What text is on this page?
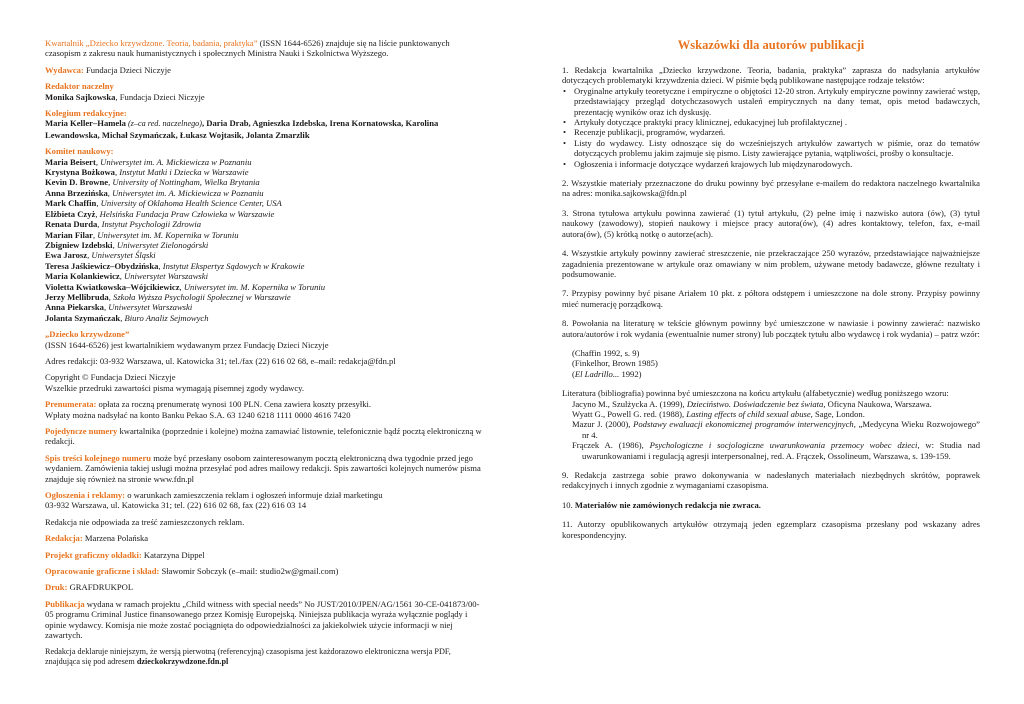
Kwartalnik „Dziecko krzywdzone. Teoria, badania, praktyka” (ISSN 1644-6526) znajduje się na liście punktowanych czasopism z zakresu nauk humanistycznych i społecznych Ministra Nauki i Szkolnictwa Wyższego.

Wydawca: Fundacja Dzieci Niczyje

Redaktor naczelny
Monika Sajkowska, Fundacja Dzieci Niczyje

Kolegium redakcyjne:
Maria Keller–Hamela (z–ca red. naczelnego), Daria Drab, Agnieszka Izdebska, Irena Kornatowska, Karolina Lewandowska, Michał Szymańczak, Łukasz Wojtasik, Jolanta Zmarzlik

Komitet naukowy:
Maria Beisert, Uniwersytet im. A. Mickiewicza w Poznaniu
Krystyna Bożkowa, Instytut Matki i Dziecka w Warszawie
Kevin D. Browne, University of Nottingham, Wielka Brytania
Anna Brzezińska, Uniwersytet im. A. Mickiewicza w Poznaniu
Mark Chaffin, University of Oklahoma Health Science Center, USA
Elżbieta Czyż, Helsińska Fundacja Praw Człowieka w Warszawie
Renata Durda, Instytut Psychologii Zdrowia
Marian Filar, Uniwersytet im. M. Kopernika w Toruniu
Zbigniew Izdebski, Uniwersytet Zielonogórski
Ewa Jarosz, Uniwersytet Śląski
Teresa Jaśkiewicz–Obydzińska, Instytut Ekspertyz Sądowych w Krakowie
Maria Kolankiewicz, Uniwersytet Warszawski
Violetta Kwiatkowska–Wójcikiewicz, Uniwersytet im. M. Kopernika w Toruniu
Jerzy Mellibruda, Szkoła Wyższa Psychologii Społecznej w Warszawie
Anna Piekarska, Uniwersytet Warszawski
Jolanta Szymańczak, Biuro Analiz Sejmowych

„Dziecko krzywdzone”
(ISSN 1644-6526) jest kwartalnikiem wydawanym przez Fundację Dzieci Niczyje

Adres redakcji: 03-932 Warszawa, ul. Katowicka 31; tel./fax (22) 616 02 68, e–mail: redakcja@fdn.pl

Copyright © Fundacja Dzieci Niczyje
Wszelkie przedruki zawartości pisma wymagają pisemnej zgody wydawcy.

Prenumerata: opłata za roczną prenumeratę wynosi 100 PLN. Cena zawiera koszty przesyłki.
Wpłaty można nadsyłać na konto Banku Pekao S.A. 63 1240 6218 1111 0000 4616 7420

Pojedyncze numery kwartalnika (poprzednie i kolejne) można zamawiać listownie, telefonicznie bądź pocztą elektroniczną w redakcji.

Spis treści kolejnego numeru może być przesłany osobom zainteresowanym pocztą elektroniczną dwa tygodnie przed jego wydaniem. Zamówienia takiej usługi można przesyłać pod adres mailowy redakcji. Spis zawartości kolejnych numerów pisma znajduje się również na stronie www.fdn.pl

Ogłoszenia i reklamy: o warunkach zamieszczenia reklam i ogłoszeń informuje dział marketingu
03-932 Warszawa, ul. Katowicka 31; tel. (22) 616 02 68, fax (22) 616 03 14

Redakcja nie odpowiada za treść zamieszczonych reklam.

Redakcja: Marzena Polańska

Projekt graficzny okładki: Katarzyna Dippel

Opracowanie graficzne i skład: Sławomir Sobczyk (e–mail: studio2w@gmail.com)

Druk: GRAFDRUKPOL

Publikacja wydana w ramach projektu „Child witness with special needs” No JUST/2010/JPEN/AG/1561 30-CE-041873/00-05 programu Criminal Justice finansowanego przez Komisję Europejską. Niniejsza publikacja wyraża wyłącznie poglądy i opinie wydawcy. Komisja nie może zostać pociągnięta do odpowiedzialności za jakiekolwiek użycie informacji w niej zawartych.

Redakcja deklaruje niniejszym, że wersją pierwotną (referencyjną) czasopisma jest każdorazowo elektroniczna wersja PDF, znajdująca się pod adresem dzieckokrzywdzone.fdn.pl

Wskazówki dla autorów publikacji

1. Redakcja kwartalnika „Dziecko krzywdzone. Teoria, badania, praktyka” zaprasza do nadsyłania artykułów dotyczących problematyki krzywdzenia dzieci. W piśmie będą publikowane następujące rodzaje tekstów:

• Oryginalne artykuły teoretyczne i empiryczne o objętości 12-20 stron. Artykuły empiryczne powinny zawierać wstęp, przedstawiający przegląd dotychczasowych ustaleń empirycznych na dany temat, opis metod badawczych, prezentację wyników oraz ich dyskusję.
• Artykuły dotyczące praktyki pracy klinicznej, edukacyjnej lub profilaktycznej .
• Recenzje publikacji, programów, wydarzeń.
• Listy do wydawcy. Listy odnoszące się do wcześniejszych artykułów zawartych w piśmie, oraz do tematów dotyczących problemu jakim zajmuje się pismo. Listy zawierające pytania, wątpliwości, prośby o konsultacje.
• Ogłoszenia i informacje dotyczące wydarzeń krajowych lub międzynarodowych.

2. Wszystkie materiały przeznaczone do druku powinny być przesyłane e-mailem do redaktora naczelnego kwartalnika na adres: monika.sajkowska@fdn.pl

3. Strona tytułowa artykułu powinna zawierać (1) tytuł artykułu, (2) pełne imię i nazwisko autora (ów), (3) tytuł naukowy (zawodowy), stopień naukowy i miejsce pracy autora(ów), (4) adres kontaktowy, telefon, fax, e-mail autora(ów), (5) krótką notkę o autorze(ach).

4. Wszystkie artykuły powinny zawierać streszczenie, nie przekraczające 250 wyrazów, przedstawiające najważniejsze zagadnienia prezentowane w artykule oraz omawiany w nim problem, używane metody badawcze, główne rezultaty i podsumowanie.

7. Przypisy powinny być pisane Ariałem 10 pkt. z półtora odstępem i umieszczone na dole strony. Przypisy powinny mieć numerację porządkową.

8. Powołania na literaturę w tekście głównym powinny być umieszczone w nawiasie i powinny zawierać: nazwisko autora/autorów i rok wydania (ewentualnie numer strony) lub początek tytułu albo wydawcę i rok wydania) – patrz wzór:

(Chaffin 1992, s. 9)
(Finkelhor, Brown 1985)
(El Ladrillo... 1992)

Literatura (bibliografia) powinna być umieszczona na końcu artykułu (alfabetycznie) według poniższego wzoru:

Jacyno M., Szulżycka A. (1999), Dzieciństwo. Doświadczenie bez świata, Oficyna Naukowa, Warszawa.
Wyatt G., Powell G. red. (1988), Lasting effects of child sexual abuse, Sage, London.
Mazur J. (2000), Podstawy ewaluacji ekonomicznej programów interwencyjnych, „Medycyna Wieku Rozwojowego” nr 4.
Frączek A. (1986), Psychologiczne i socjologiczne uwarunkowania przemocy wobec dzieci, w: Studia nad uwarunkowaniami i regulacją agresji interpersonalnej, red. A. Frączek, Ossolineum, Warszawa, s. 139-159.

9. Redakcja zastrzega sobie prawo dokonywania w nadesłanych materiałach niezbędnych skrótów, poprawek redakcyjnych i innych zgodnie z wymaganiami czasopisma.

10. Materiałów nie zamówionych redakcja nie zwraca.

11. Autorzy opublikowanych artykułów otrzymają jeden egzemplarz czasopisma przesłany pod wskazany adres korespondencyjny.
